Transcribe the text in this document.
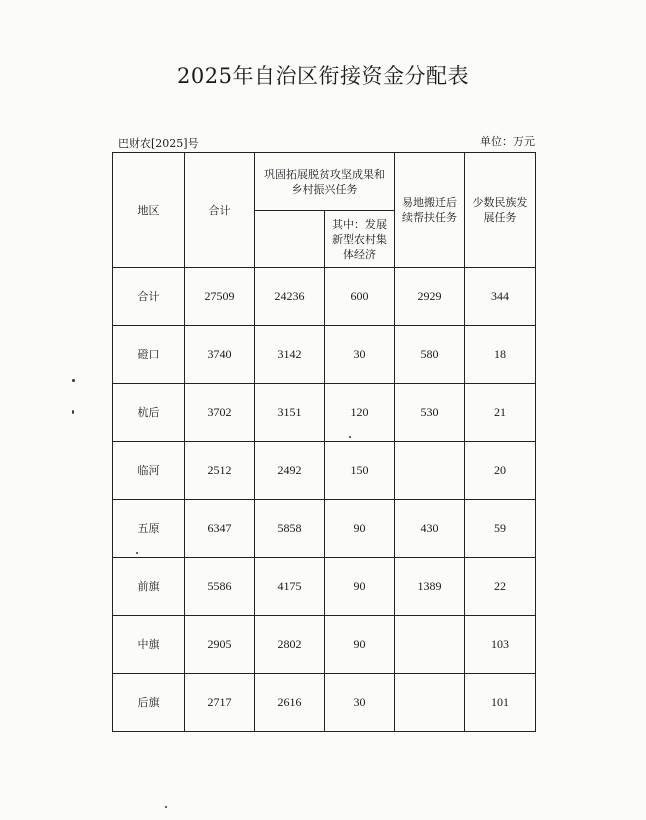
2025年自治区衔接资金分配表
巴财农[2025]号	单位：万元
地区	合计	巩固拓展脱贫攻坚成果和乡村振兴任务		易地搬迁后续帮扶任务	少数民族发展任务
			其中：发展新型农村集体经济		
合计	27509	24236	600	2929	344
磴口	3740	3142	30	580	18
杭后	3702	3151	120	530	21
临河	2512	2492	150		20
五原	6347	5858	90	430	59
前旗	5586	4175	90	1389	22
中旗	2905	2802	90		103
后旗	2717	2616	30		101
